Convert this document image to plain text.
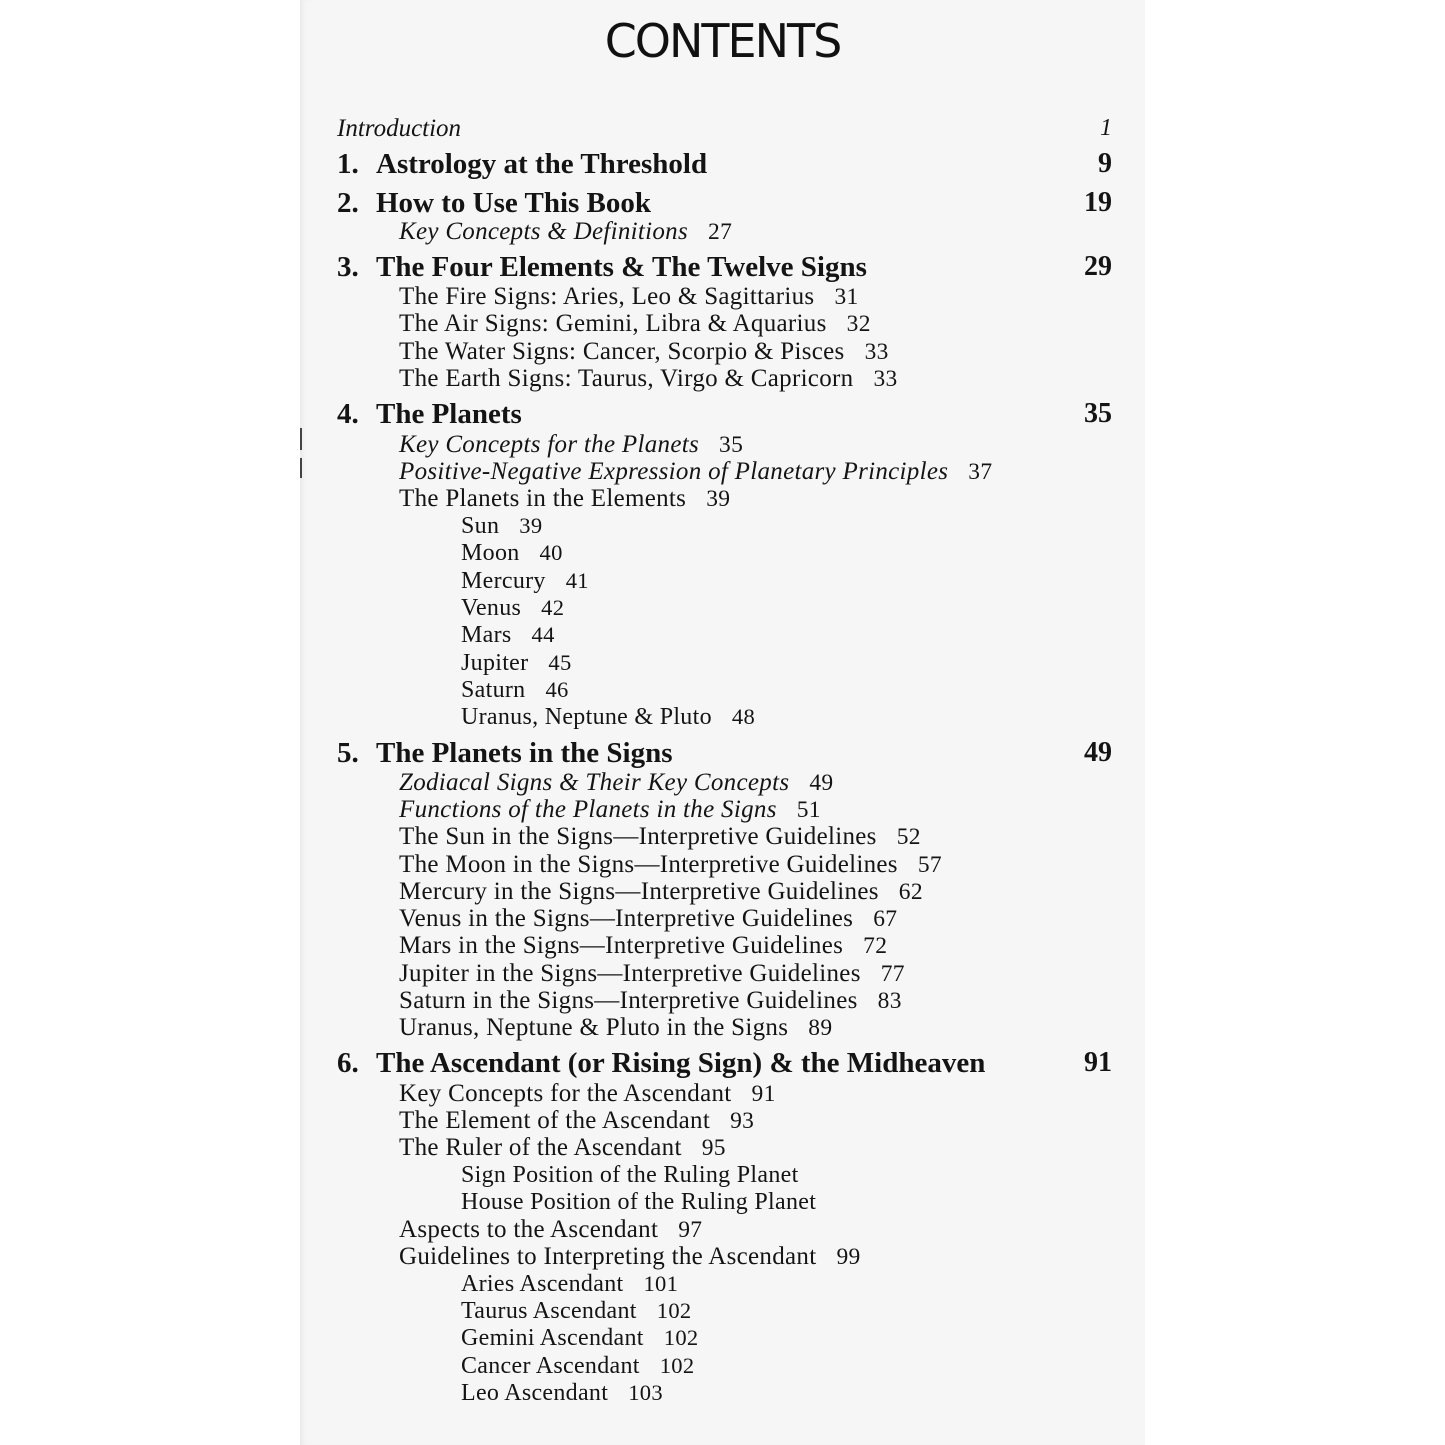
CONTENTS
1
Introduction
9
1. Astrology at the Threshold
19
2. How to Use This Book
Key Concepts & Definitions 27
29
3. The Four Elements & The Twelve Signs
The Fire Signs: Aries, Leo & Sagittarius 31
The Air Signs: Gemini, Libra & Aquarius 32
The Water Signs: Cancer, Scorpio & Pisces 33
The Earth Signs: Taurus, Virgo & Capricorn 33
35
4. The Planets
Key Concepts for the Planets 35
Positive-Negative Expression of Planetary Principles 37
The Planets in the Elements 39
Sun 39
Moon 40
Mercury 41
Venus 42
Mars 44
Jupiter 45
Saturn 46
Uranus, Neptune & Pluto 48
49
5. The Planets in the Signs
Zodiacal Signs & Their Key Concepts 49
Functions of the Planets in the Signs 51
The Sun in the Signs—Interpretive Guidelines 52
The Moon in the Signs—Interpretive Guidelines 57
Mercury in the Signs—Interpretive Guidelines 62
Venus in the Signs—Interpretive Guidelines 67
Mars in the Signs—Interpretive Guidelines 72
Jupiter in the Signs—Interpretive Guidelines 77
Saturn in the Signs—Interpretive Guidelines 83
Uranus, Neptune & Pluto in the Signs 89
91
6. The Ascendant (or Rising Sign) & the Midheaven
Key Concepts for the Ascendant 91
The Element of the Ascendant 93
The Ruler of the Ascendant 95
Sign Position of the Ruling Planet
House Position of the Ruling Planet
Aspects to the Ascendant 97
Guidelines to Interpreting the Ascendant 99
Aries Ascendant 101
Taurus Ascendant 102
Gemini Ascendant 102
Cancer Ascendant 102
Leo Ascendant 103
